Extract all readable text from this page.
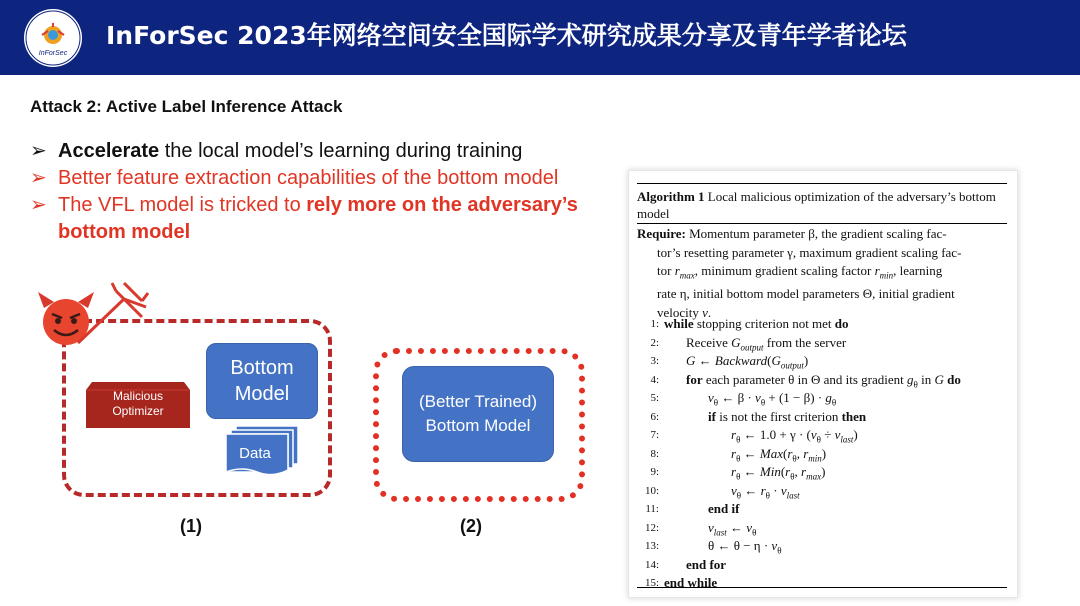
InForSec
InForSec 2023年网络空间安全国际学术研究成果分享及青年学者论坛
Attack 2: Active Label Inference Attack
➢ Accelerate the local model’s learning during training
➢ Better feature extraction capabilities of the bottom model
➢ The VFL model is tricked to rely more on the adversary’s bottom model
Malicious Optimizer
Bottom Model
Data
(1)
(Better Trained) Bottom Model
(2)
Algorithm 1 Local malicious optimization of the adversary’s bottom model
Require: Momentum parameter β, the gradient scaling fac-
tor’s resetting parameter γ, maximum gradient scaling fac-
tor $r_{max}$, minimum gradient scaling factor $r_{min}$, learning
rate η, initial bottom model parameters Θ, initial gradient
velocity v.
1: while stopping criterion not met do
2: Receive $G_{output}$ from the server
3: G ← $Backward(G_{output})$
4: for each parameter θ in Θ and its gradient $g_\theta$ in G do
5:	$v_\theta$ ← $\beta \cdot v_\theta + (1 - \beta) \cdot g_\theta$
6:	if is not the first criterion then
7:	$r_\theta$ ← $1.0 + \gamma \cdot (v_\theta \div v_{last})$
8:	$r_\theta$ ← $Max(r_\theta$, $r_{min}$)
9:	$r_\theta$ ← $Min(r_\theta$, $r_{max}$)
10:	$v_\theta$ ← $r_\theta \cdot v_{last}$
11:	end if
12:	$v_{last}$ ← $v_\theta$
13:	θ ← $\theta - \eta \cdot v_\theta$
14: end for
15: end while
